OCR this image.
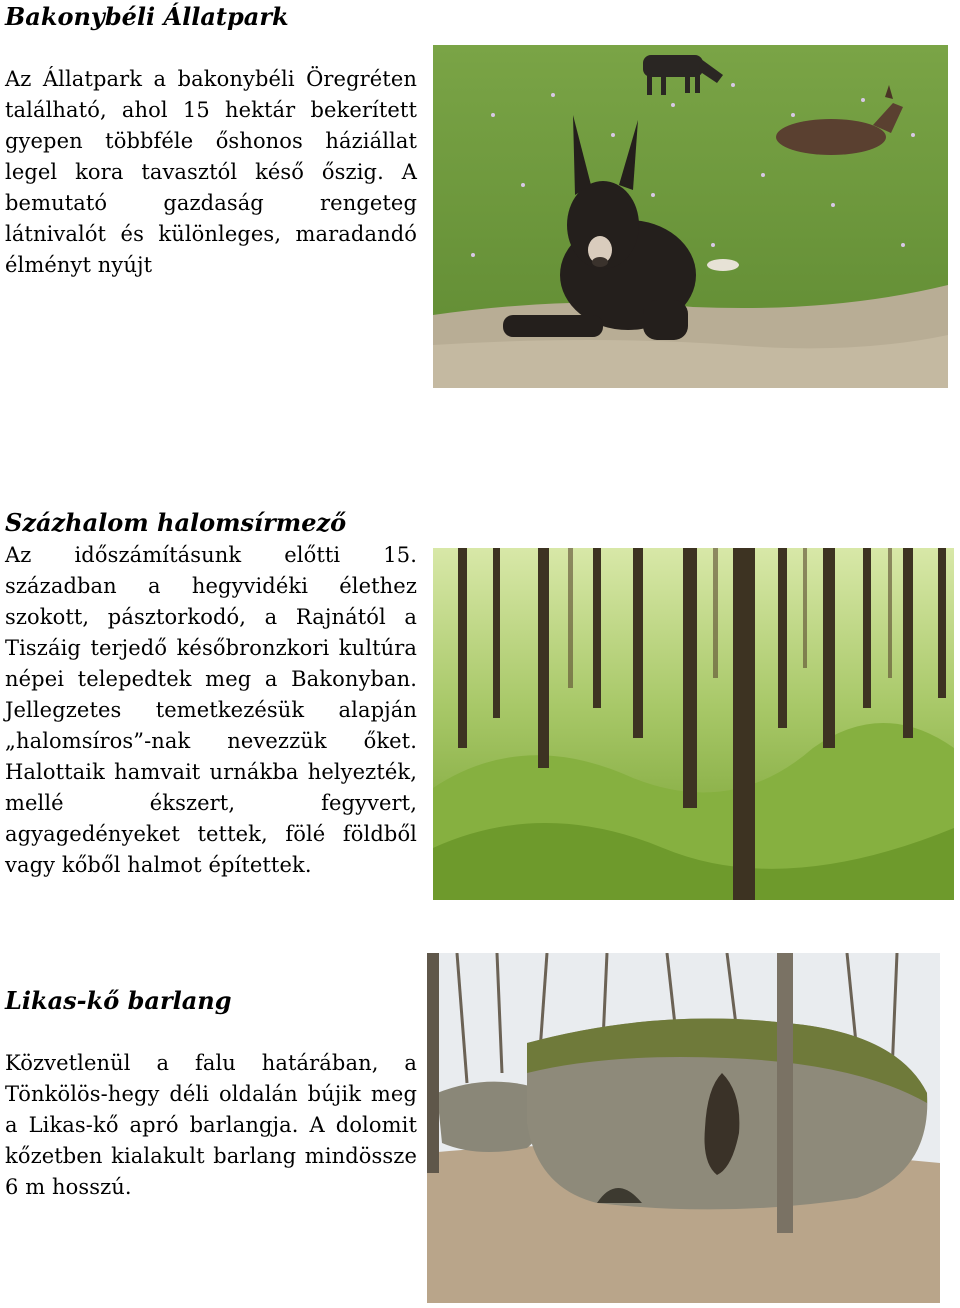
Bakonybéli Állatpark

Az Állatpark a bakonybéli Öregréten található, ahol 15 hektár bekerített gyepen többféle őshonos háziállat legel kora tavasztól késő őszig. A bemutató gazdaság rengeteg látnivalót és különleges, maradandó élményt nyújt

Százhalom halomsírmező

Az időszámításunk előtti 15. században a hegyvidéki élethez szokott, pásztorkodó, a Rajnától a Tiszáig terjedő későbronzkori kultúra népei telepedtek meg a Bakonyban. Jellegzetes temetkezésük alapján „halomsíros”-nak nevezzük őket. Halottaik hamvait urnákba helyezték, mellé ékszert, fegyvert, agyagedényeket tettek, fölé földből vagy kőből halmot építettek.

Likas-kő barlang

Közvetlenül a falu határában, a Tönkölös-hegy déli oldalán bújik meg a Likas-kő apró barlangja. A dolomit kőzetben kialakult barlang mindössze 6 m hosszú.
